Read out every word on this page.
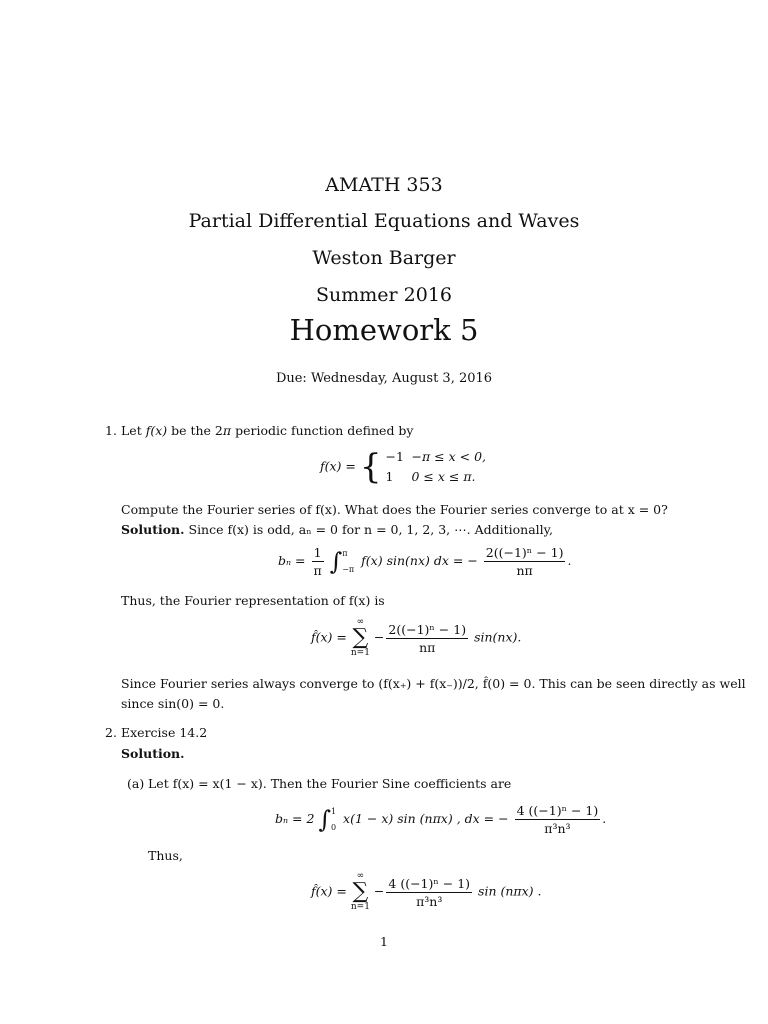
AMATH 353
Partial Differential Equations and Waves
Weston Barger
Summer 2016
Homework 5
Due: Wednesday, August 3, 2016
1. Let f(x) be the 2π periodic function defined by
f(x) = { −1 −π ≤ x < 0,
1 0 ≤ x ≤ π.
Compute the Fourier series of f(x). What does the Fourier series converge to at x = 0?
Solution. Since f(x) is odd, aₙ = 0 for n = 0, 1, 2, 3, ⋯. Additionally,
$b_n = \frac{1}{\pi}$ ∫ π
−π
f(x) sin(nx) dx = − $\frac{\text{2((−1)ⁿ − 1)}}{n\pi}$ .
Thus, the Fourier representation of f(x) is
f̂(x) =
∞
∑
n=1
− $\frac{\text{2((−1)ⁿ − 1)}}{n\pi} \sin(nx)$.
Since Fourier series always converge to (f(x₊) + f(x₋))/2, f̂(0) = 0. This can be seen directly as well
since sin(0) = 0.
2. Exercise 14.2
Solution.
(a) Let f(x) = x(1 − x). Then the Fourier Sine coefficients are
bₙ = 2 ∫ 1
0
x(1 − x) sin (nπx) , dx = − $\frac{\text{4 ((−1)ⁿ − 1)}}{\text{π³n³}}$ .
Thus,
f̂(x) =
∞
∑
n=1
− $\frac{\text{4 ((−1)ⁿ − 1)}}{\text{π³n³}}$ sin (nπx) .
1
